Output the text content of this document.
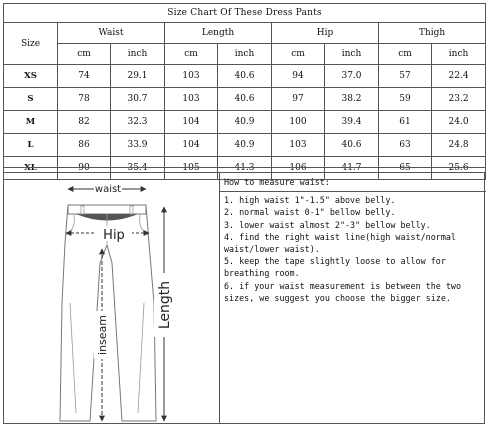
Size Chart Of These Dress Pants								
Size	Waist		Length		Hip		Thigh	
	cm	inch	cm	inch	cm	inch	cm	inch
XS	74	29.1	103	40.6	94	37.0	57	22.4
S	78	30.7	103	40.6	97	38.2	59	23.2
M	82	32.3	104	40.9	100	39.4	61	24.0
L	86	33.9	104	40.9	103	40.6	63	24.8
XL	90	35.4	105	41.3	106	41.7	65	25.6
waist
Hip
Length
inseam

How to measure waist:

1. high waist 1"-1.5" above belly.

2. normal waist 0-1" bellow belly.

3. lower waist almost 2"-3" bellow belly.

4. find the right waist line(high waist/normal waist/lower waist).

5. keep the tape slightly loose to allow for breathing room.

6. if your waist measurement is between the two sizes, we suggest you choose the bigger size.
